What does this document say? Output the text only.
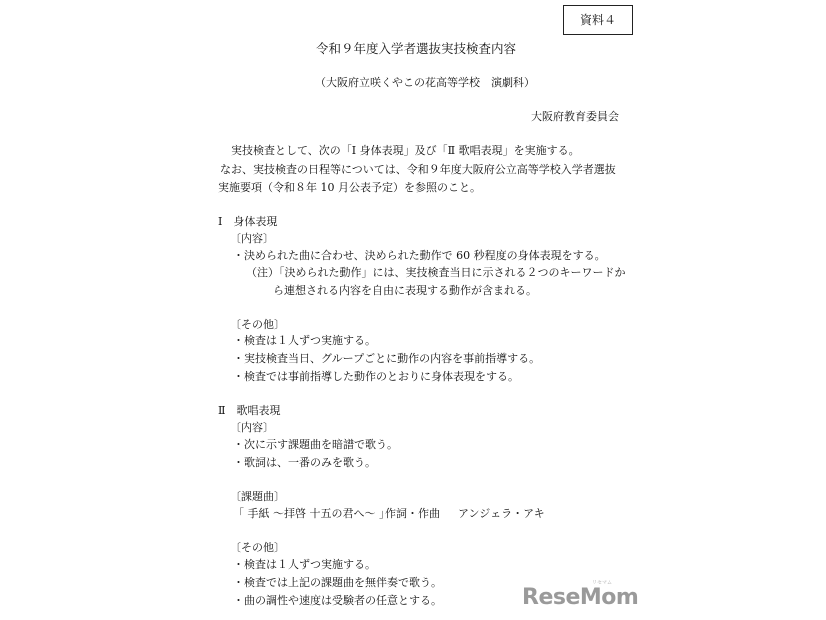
資料４
令和９年度入学者選抜実技検査内容
（大阪府立咲くやこの花高等学校　演劇科）
大阪府教育委員会
実技検査として、次の「Ⅰ 身体表現」及び「Ⅱ 歌唱表現」を実施する。
なお、実技検査の日程等については、令和９年度大阪府公立高等学校入学者選抜
実施要項（令和８年 10 月公表予定）を参照のこと。
Ⅰ　身体表現
〔内容〕
・決められた曲に合わせ、決められた動作で 60 秒程度の身体表現をする。
（注）「決められた動作」には、実技検査当日に示される２つのキーワードか
ら連想される内容を自由に表現する動作が含まれる。
〔その他〕
・検査は１人ずつ実施する。
・実技検査当日、グループごとに動作の内容を事前指導する。
・検査では事前指導した動作のとおりに身体表現をする。
Ⅱ　歌唱表現
〔内容〕
・次に示す課題曲を暗譜で歌う。
・歌詞は、一番のみを歌う。
〔課題曲〕
「 手紙 ～拝啓 十五の君へ～ 」
作詞・作曲 アンジェラ・アキ
〔その他〕
・検査は１人ずつ実施する。
・検査では上記の課題曲を無伴奏で歌う。
・曲の調性や速度は受験者の任意とする。
リセマム
ReseMom
